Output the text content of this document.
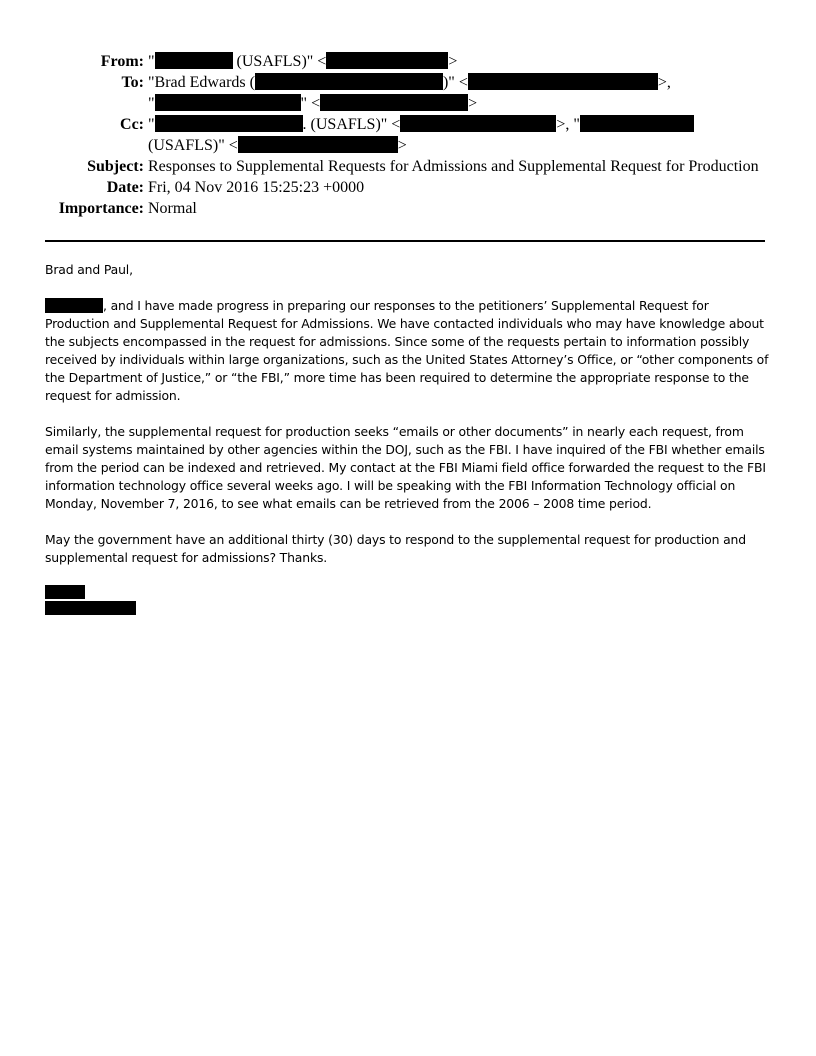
From: "	(USAFLS)" <	>
To: "Brad Edwards (	)" <	>,
"	" <	>
Cc: "	. (USAFLS)" <	>, "
(USAFLS)" <	>
Subject: Responses to Supplemental Requests for Admissions and Supplemental Request for Production
Date: Fri, 04 Nov 2016 15:25:23 +0000
Importance: Normal

Brad and Paul,

, and I have made progress in preparing our responses to the petitioners’ Supplemental Request for Production and Supplemental Request for Admissions. We have contacted individuals who may have knowledge about the subjects encompassed in the request for admissions. Since some of the requests pertain to information possibly received by individuals within large organizations, such as the United States Attorney’s Office, or “other components of the Department of Justice,” or “the FBI,” more time has been required to determine the appropriate response to the request for admission.

Similarly, the supplemental request for production seeks “emails or other documents” in nearly each request, from email systems maintained by other agencies within the DOJ, such as the FBI. I have inquired of the FBI whether emails from the period can be indexed and retrieved. My contact at the FBI Miami field office forwarded the request to the FBI information technology office several weeks ago. I will be speaking with the FBI Information Technology official on Monday, November 7, 2016, to see what emails can be retrieved from the 2006 – 2008 time period.

May the government have an additional thirty (30) days to respond to the supplemental request for production and supplemental request for admissions? Thanks.
